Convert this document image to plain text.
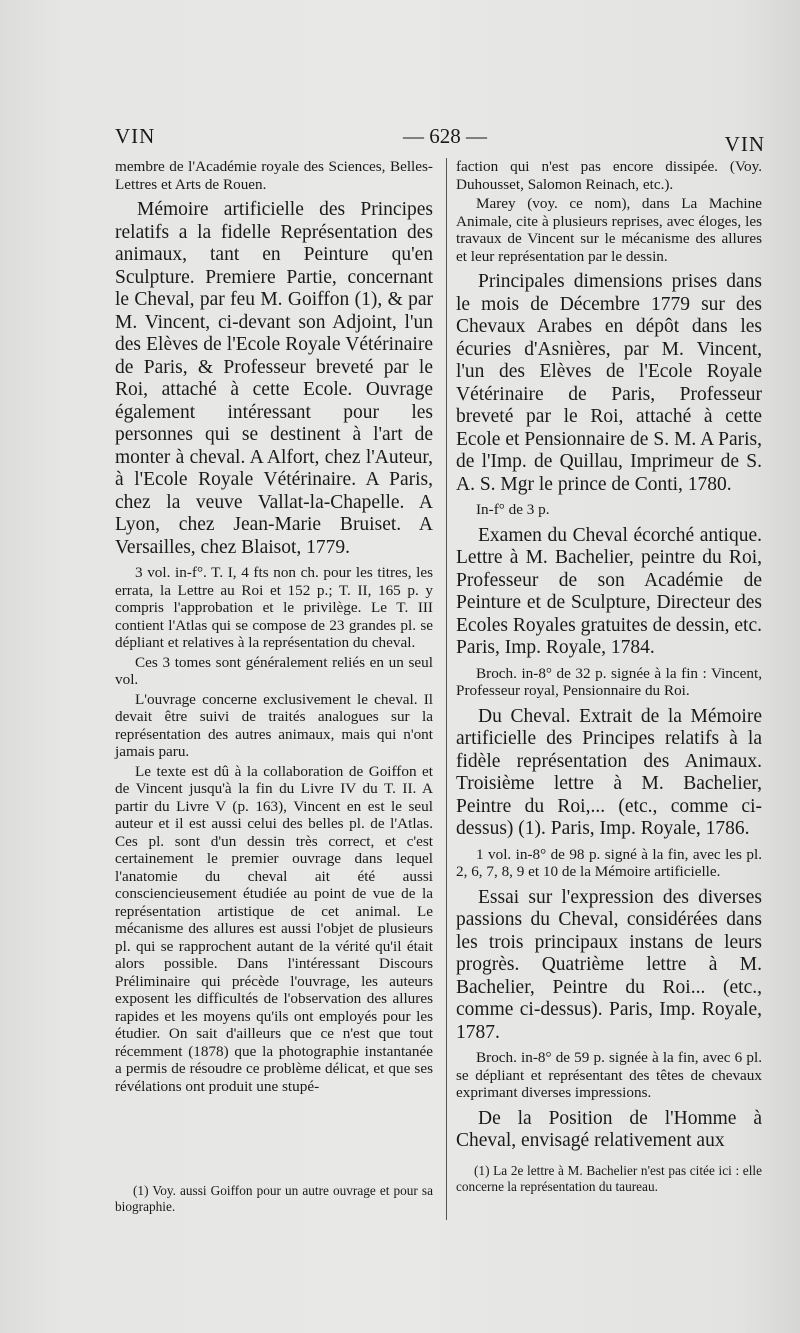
VIN	— 628 —	VIN

membre de l'Académie royale des Sciences, Belles-Lettres et Arts de Rouen.

Mémoire artificielle des Principes relatifs a la fidelle Représentation des animaux, tant en Peinture qu'en Sculpture. Premiere Partie, concernant le Cheval, par feu M. Goiffon (1), & par M. Vincent, ci-devant son Adjoint, l'un des Elèves de l'Ecole Royale Vétérinaire de Paris, & Professeur breveté par le Roi, attaché à cette Ecole. Ouvrage également intéressant pour les personnes qui se destinent à l'art de monter à cheval. A Alfort, chez l'Auteur, à l'Ecole Royale Vétérinaire. A Paris, chez la veuve Vallat-la-Chapelle. A Lyon, chez Jean-Marie Bruiset. A Versailles, chez Blaisot, 1779.

3 vol. in-f°. T. I, 4 fts non ch. pour les titres, les errata, la Lettre au Roi et 152 p.; T. II, 165 p. y compris l'approbation et le privilège. Le T. III contient l'Atlas qui se compose de 23 grandes pl. se dépliant et relatives à la représentation du cheval.

Ces 3 tomes sont généralement reliés en un seul vol.

L'ouvrage concerne exclusivement le cheval. Il devait être suivi de traités analogues sur la représentation des autres animaux, mais qui n'ont jamais paru.

Le texte est dû à la collaboration de Goiffon et de Vincent jusqu'à la fin du Livre IV du T. II. A partir du Livre V (p. 163), Vincent en est le seul auteur et il est aussi celui des belles pl. de l'Atlas. Ces pl. sont d'un dessin très correct, et c'est certainement le premier ouvrage dans lequel l'anatomie du cheval ait été aussi consciencieusement étudiée au point de vue de la représentation artistique de cet animal. Le mécanisme des allures est aussi l'objet de plusieurs pl. qui se rapprochent autant de la vérité qu'il était alors possible. Dans l'intéressant Discours Préliminaire qui précède l'ouvrage, les auteurs exposent les difficultés de l'observation des allures rapides et les moyens qu'ils ont employés pour les étudier. On sait d'ailleurs que ce n'est que tout récemment (1878) que la photographie instantanée a permis de résoudre ce problème délicat, et que ses révélations ont produit une stupé-

(1) Voy. aussi Goiffon pour un autre ouvrage et pour sa biographie.

faction qui n'est pas encore dissipée. (Voy. Duhousset, Salomon Reinach, etc.).

Marey (voy. ce nom), dans La Machine Animale, cite à plusieurs reprises, avec éloges, les travaux de Vincent sur le mécanisme des allures et leur représentation par le dessin.

Principales dimensions prises dans le mois de Décembre 1779 sur des Chevaux Arabes en dépôt dans les écuries d'Asnières, par M. Vincent, l'un des Elèves de l'Ecole Royale Vétérinaire de Paris, Professeur breveté par le Roi, attaché à cette Ecole et Pensionnaire de S. M. A Paris, de l'Imp. de Quillau, Imprimeur de S. A. S. Mgr le prince de Conti, 1780.

In-f° de 3 p.

Examen du Cheval écorché antique. Lettre à M. Bachelier, peintre du Roi, Professeur de son Académie de Peinture et de Sculpture, Directeur des Ecoles Royales gratuites de dessin, etc. Paris, Imp. Royale, 1784.

Broch. in-8° de 32 p. signée à la fin : Vincent, Professeur royal, Pensionnaire du Roi.

Du Cheval. Extrait de la Mémoire artificielle des Principes relatifs à la fidèle représentation des Animaux. Troisième lettre à M. Bachelier, Peintre du Roi,... (etc., comme ci-dessus) (1). Paris, Imp. Royale, 1786.

1 vol. in-8° de 98 p. signé à la fin, avec les pl. 2, 6, 7, 8, 9 et 10 de la Mémoire artificielle.

Essai sur l'expression des diverses passions du Cheval, considérées dans les trois principaux instans de leurs progrès. Quatrième lettre à M. Bachelier, Peintre du Roi... (etc., comme ci-dessus). Paris, Imp. Royale, 1787.

Broch. in-8° de 59 p. signée à la fin, avec 6 pl. se dépliant et représentant des têtes de chevaux exprimant diverses impressions.

De la Position de l'Homme à Cheval, envisagé relativement aux

(1) La 2e lettre à M. Bachelier n'est pas citée ici : elle concerne la représentation du taureau.
